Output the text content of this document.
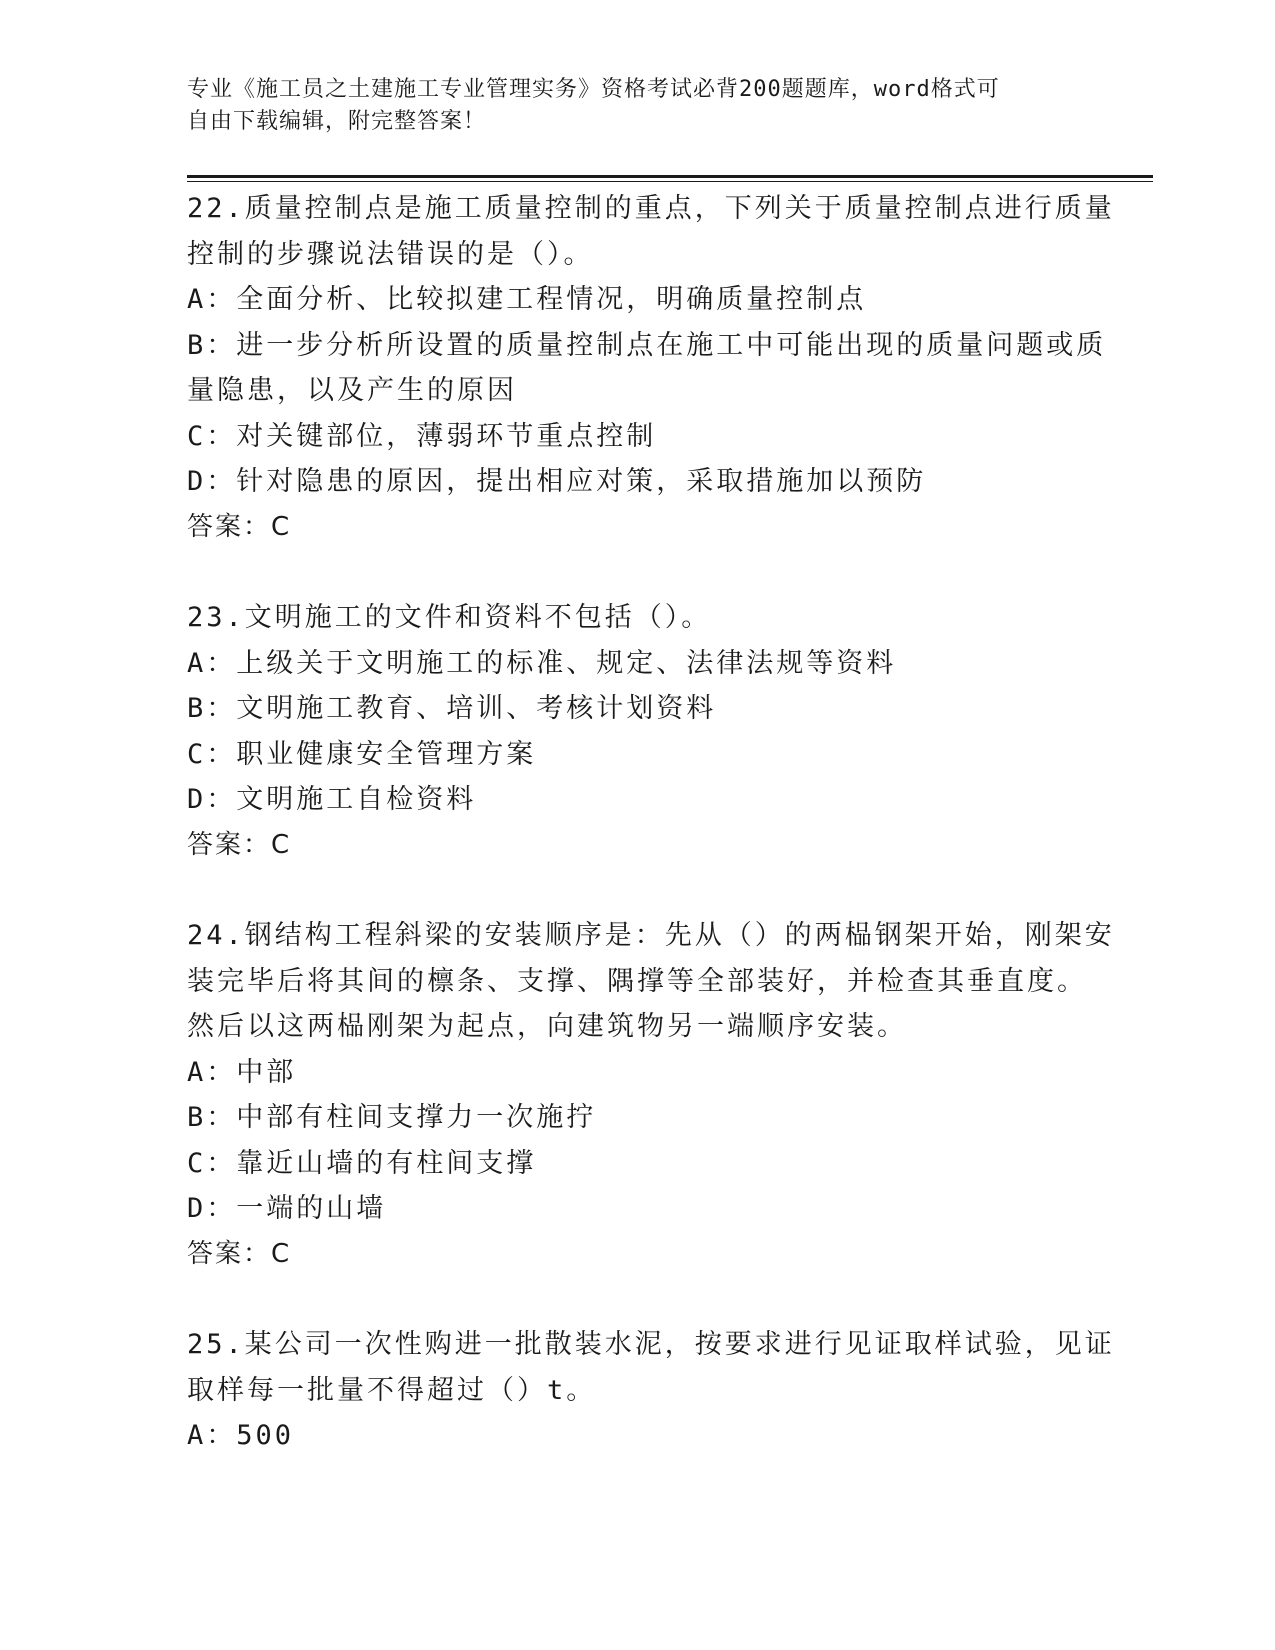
专业《施工员之土建施工专业管理实务》资格考试必背200题题库，word格式可

自由下载编辑，附完整答案！

22.质量控制点是施工质量控制的重点，下列关于质量控制点进行质量

控制的步骤说法错误的是（）。

A：全面分析、比较拟建工程情况，明确质量控制点

B：进一步分析所设置的质量控制点在施工中可能出现的质量问题或质

量隐患，以及产生的原因

C：对关键部位，薄弱环节重点控制

D：针对隐患的原因，提出相应对策，采取措施加以预防

答案：C

23.文明施工的文件和资料不包括（）。

A：上级关于文明施工的标准、规定、法律法规等资料

B：文明施工教育、培训、考核计划资料

C：职业健康安全管理方案

D：文明施工自检资料

答案：C

24.钢结构工程斜梁的安装顺序是：先从（）的两榀钢架开始，刚架安

装完毕后将其间的檩条、支撑、隅撑等全部装好，并检查其垂直度。

然后以这两榀刚架为起点，向建筑物另一端顺序安装。

A：中部

B：中部有柱间支撑力一次施拧

C：靠近山墙的有柱间支撑

D：一端的山墙

答案：C

25.某公司一次性购进一批散装水泥，按要求进行见证取样试验，见证

取样每一批量不得超过（）t。

A：500
